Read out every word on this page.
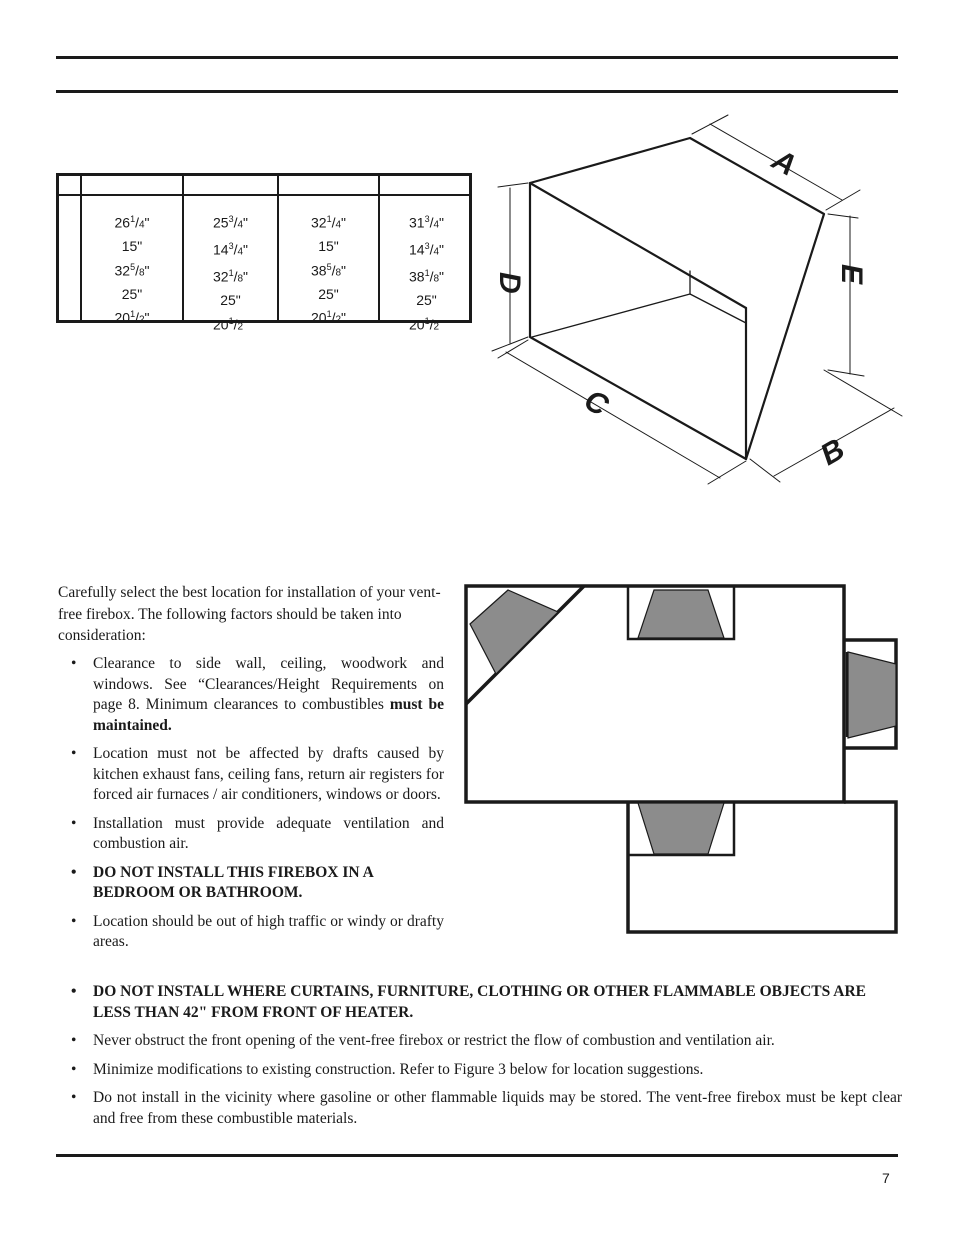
$26^1/4$"
15"
$32^5/8$"
25"
$20^1/2$"
$25^3/4$"
$14^3/4$"
$32^1/8$"
25"
$20^1/2$"
$32^1/4$"
15"
$38^5/8$"
25"
$20^1/2$"
$31^3/4$"
$14^3/4$"
$38^1/8$"
25"
$20^1/2$"
A
D	E
C
B

Carefully select the best location for installation of your vent-free firebox. The following factors should be taken into consideration:

• Clearance to side wall, ceiling, woodwork and windows. See “Clearances/Height Requirements on page 8. Minimum clearances to combustibles must be maintained.
• Location must not be affected by drafts caused by kitchen exhaust fans, ceiling fans, return air registers for forced air furnaces / air conditioners, windows or doors.
• Installation must provide adequate ventilation and combustion air.
• DO NOT INSTALL THIS FIREBOX IN A BEDROOM OR BATHROOM.
• Location should be out of high traffic or windy or drafty areas.
• DO NOT INSTALL WHERE CURTAINS, FURNITURE, CLOTHING OR OTHER FLAMMABLE OBJECTS ARE LESS THAN 42" FROM FRONT OF HEATER.
• Never obstruct the front opening of the vent-free firebox or restrict the flow of combustion and ventilation air.
• Minimize modifications to existing construction. Refer to Figure 3 below for location suggestions.
• Do not install in the vicinity where gasoline or other flammable liquids may be stored. The vent-free firebox must be kept clear and free from these combustible materials.
7
